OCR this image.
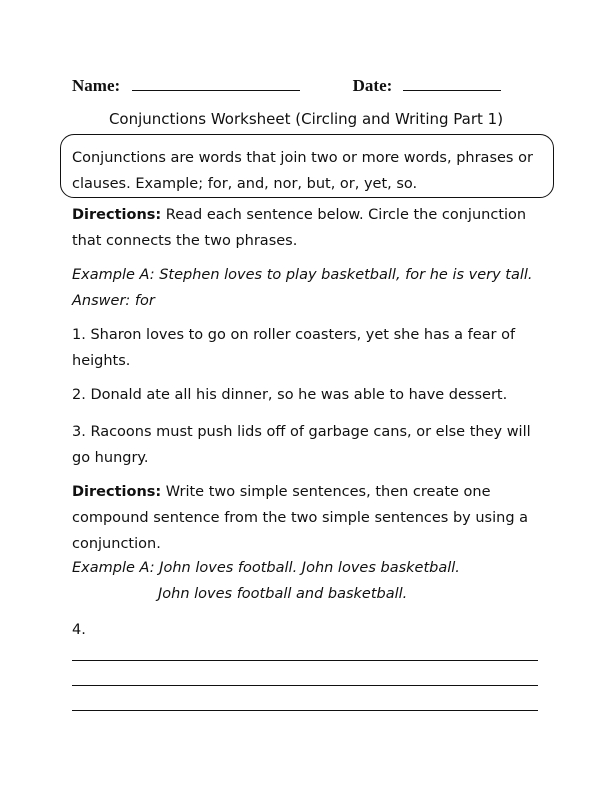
Name:	Date:
Conjunctions Worksheet (Circling and Writing Part 1)
Conjunctions are words that join two or more words, phrases or
clauses. Example; for, and, nor, but, or, yet, so.
Directions: Read each sentence below. Circle the conjunction
that connects the two phrases.
Example A: Stephen loves to play basketball, for he is very tall.
Answer: for
1. Sharon loves to go on roller coasters, yet she has a fear of
heights.
2. Donald ate all his dinner, so he was able to have dessert.
3. Racoons must push lids off of garbage cans, or else they will
go hungry.
Directions: Write two simple sentences, then create one
compound sentence from the two simple sentences by using a
conjunction.
Example A: John loves football. John loves basketball.
John loves football and basketball.
4.
